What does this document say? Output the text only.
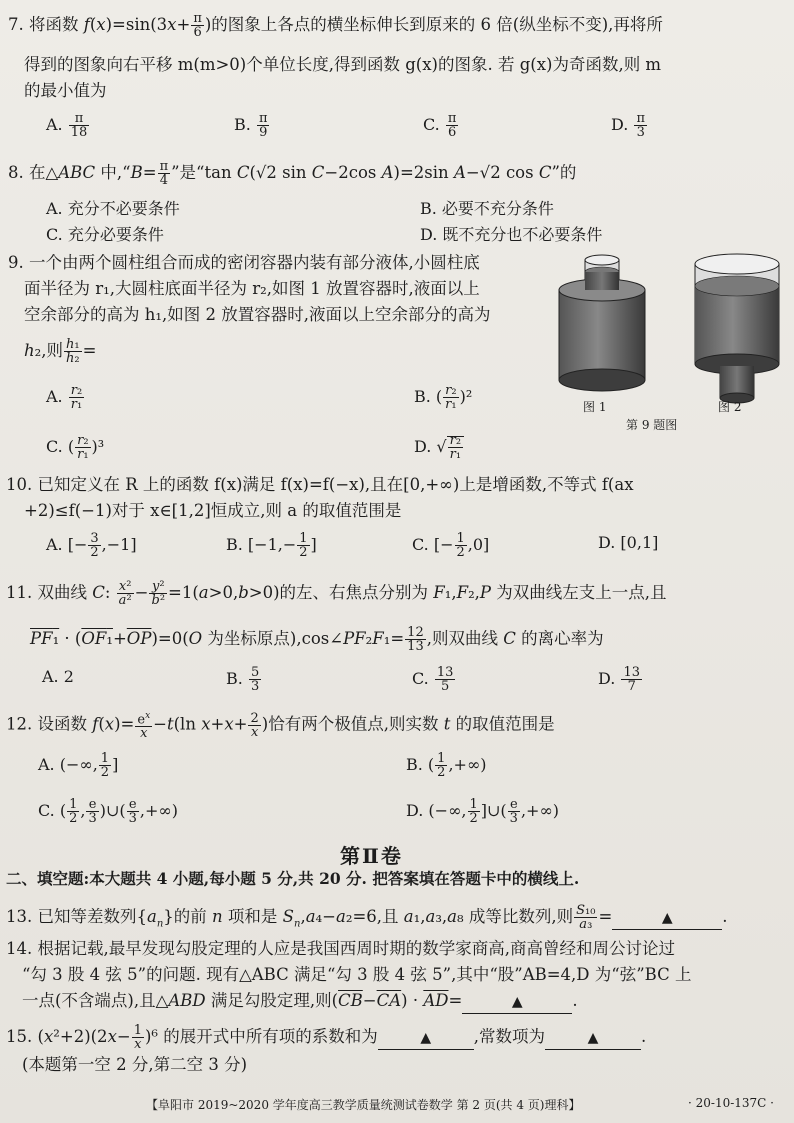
7. 将函数 $f(x)=\sin(3x+ \frac{\pi}{6}$ )的图象上各点的横坐标伸长到原来的 6 倍(纵坐标不变),再将所
得到的图象向右平移 m(m>0)个单位长度,得到函数 g(x)的图象. 若 g(x)为奇函数,则 m
的最小值为
A. $\frac{\pi}{18}$	B. $\frac{\pi}{9}$	C. $\frac{\pi}{6}$	D. $\frac{\pi}{3}$
8. 在△ABC 中,“B= $\frac{\pi}{4}$ ”是“tan C(√2 sin C−2cos A)=2sin A−√2 cos C”的
A. 充分不必要条件	B. 必要不充分条件
C. 充分必要条件	D. 既不充分也不必要条件
9. 一个由两个圆柱组合而成的密闭容器内装有部分液体,小圆柱底
面半径为 r₁,大圆柱底面半径为 r₂,如图 1 放置容器时,液面以上
空余部分的高为 h₁,如图 2 放置容器时,液面以上空余部分的高为
h₂,则 $\frac{\text{h₁}}{\text{h₂}}$ =
A. $\frac{\text{r₂}}{\text{r₁}}$	B. ( $\frac{\text{r₂}}{\text{r₁}} )^2$
C. ( $\frac{\text{r₂}}{\text{r₁}} )^3$	D. √ $\frac{\text{r₂}}{\text{r₁}}$
图 1	图 2
第 9 题图
10. 已知定义在 R 上的函数 f(x)满足 f(x)=f(−x),且在[0,+∞)上是增函数,不等式 f(ax
+2)≤f(−1)对于 x∈[1,2]恒成立,则 a 的取值范围是
A. [− $\frac{3}{2} ,-1$]	B. [$-1,- \frac{1}{2}$ ]	C. [− $\frac{1}{2} ,0$]	D. [0,1]
11. 双曲线 C: $\frac{\text{x²}}{\text{a²}} - \frac{\text{y²}}{\text{b²}} =1(a>0,b>0)$的左、右焦点分别为 F₁,F₂,P 为双曲线左支上一点,且
$PF_1 \cdot (OF_1+\overline{OP})=0(O$ 为坐标原点),cos∠PF₂F₁= $\frac{12}{13}$ ,则双曲线 C 的离心率为
A. 2	B. $\frac{5}{3}$	C. $\frac{13}{5}$	D. $\frac{13}{7}$
12. 设函数 $f(x)= \frac{e^x}{x} -t(\ln$ $x+x+ \frac{2}{x}$ )恰有两个极值点,则实数 t 的取值范围是
A. (−∞, $\frac{1}{2}$ ]	B. ( $\frac{1}{2}$ ,+∞)
C. ( $\frac{1}{2}$ , $\frac{e}{3}$ )∪( $\frac{e}{3}$ ,+∞)	D. (−∞, $\frac{1}{2}$ ]∪( $\frac{e}{3}$ ,+∞)
第Ⅱ卷
二、填空题:本大题共 4 小题,每小题 5 分,共 20 分. 把答案填在答题卡中的横线上.
13. 已知等差数列$\{a_n\}$的前 n 项和是 $S_n,a_4-a_2=6$,且 a₁,a₃,a₈ 成等比数列,则 $\frac{\text{S₁₀}}{\text{a₃}}$ =	▲	.
14. 根据记载,最早发现勾股定理的人应是我国西周时期的数学家商高,商高曾经和周公讨论过
“勾 3 股 4 弦 5”的问题. 现有△ABC 满足“勾 3 股 4 弦 5”,其中“股”AB=4,D 为“弦”BC 上
一点(不含端点),且△ABD 满足勾股定理,则$(\overline{CB}-\overline{CA}) \cdot \overline{AD}=$	▲	.
15. $(x^2+2)(2x- \frac{1}{x} )^6$ 的展开式中所有项的系数和为	▲	,常数项为	▲	.
(本题第一空 2 分,第二空 3 分)
【阜阳市 2019~2020 学年度高三教学质量统测试卷数学 第 2 页(共 4 页)理科】	· 20-10-137C ·
